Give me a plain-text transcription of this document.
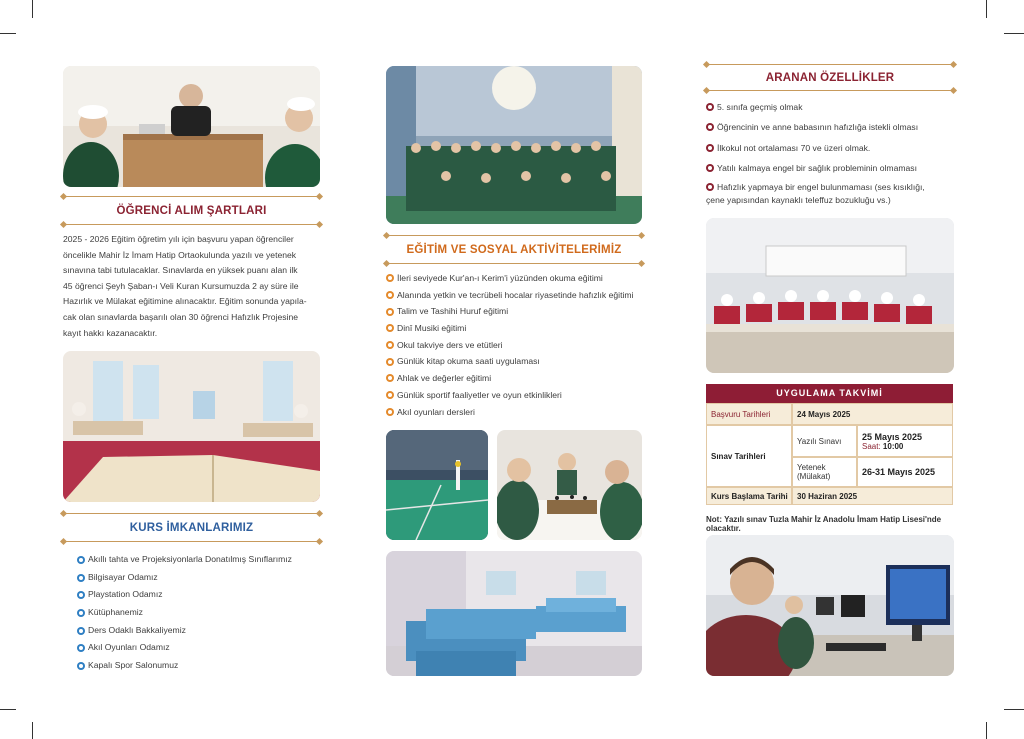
ÖĞRENCİ ALIM ŞARTLARI
2025 - 2026 Eğitim öğretim yılı için başvuru yapan öğrenciler
öncelikle Mahir İz İmam Hatip Ortaokulunda yazılı ve yetenek
sınavına tabi tutulacaklar. Sınavlarda en yüksek puanı alan ilk
45 öğrenci Şeyh Şaban-ı Veli Kuran Kursumuzda 2 ay süre ile
Hazırlık ve Mülakat eğitimine alınacaktır. Eğitim sonunda yapıla-
cak olan sınavlarda başarılı olan 30 öğrenci Hafızlık Projesine
kayıt hakkı kazanacaktır.
KURS İMKANLARIMIZ
Akıllı tahta ve Projeksiyonlarla Donatılmış Sınıflarımız
Bilgisayar Odamız
Playstation Odamız
Kütüphanemiz
Ders Odaklı Bakkaliyemiz
Akıl Oyunları Odamız
Kapalı Spor Salonumuz
EĞİTİM VE SOSYAL AKTİVİTELERİMİZ
İleri seviyede Kur'an-ı Kerim'i yüzünden okuma eğitimi
Alanında yetkin ve tecrübeli hocalar riyasetinde hafızlık eğitimi
Talim ve Tashihi Huruf eğitimi
Dinî Musiki eğitimi
Okul takviye ders ve etütleri
Günlük kitap okuma saati uygulaması
Ahlak ve değerler eğitimi
Günlük sportif faaliyetler ve oyun etkinlikleri
Akıl oyunları dersleri
ARANAN ÖZELLİKLER
5. sınıfa geçmiş olmak
Öğrencinin ve anne babasının hafızlığa istekli olması
İlkokul not ortalaması 70 ve üzeri olmak.
Yatılı kalmaya engel bir sağlık probleminin olmaması
Hafızlık yapmaya bir engel bulunmaması (ses kısıklığı,
çene yapısından kaynaklı teleffuz bozukluğu vs.)
UYGULAMA TAKVİMİ
Başvuru Tarihleri	24 Mayıs 2025
Sınav Tarihleri
Yazılı Sınavı 25 Mayıs 2025
Saat: 10:00
Yetenek
(Mülakat)	26-31 Mayıs 2025
Kurs Başlama Tarihi 30 Haziran 2025
Not: Yazılı sınav Tuzla Mahir İz Anadolu İmam Hatip Lisesi'nde olacaktır.
